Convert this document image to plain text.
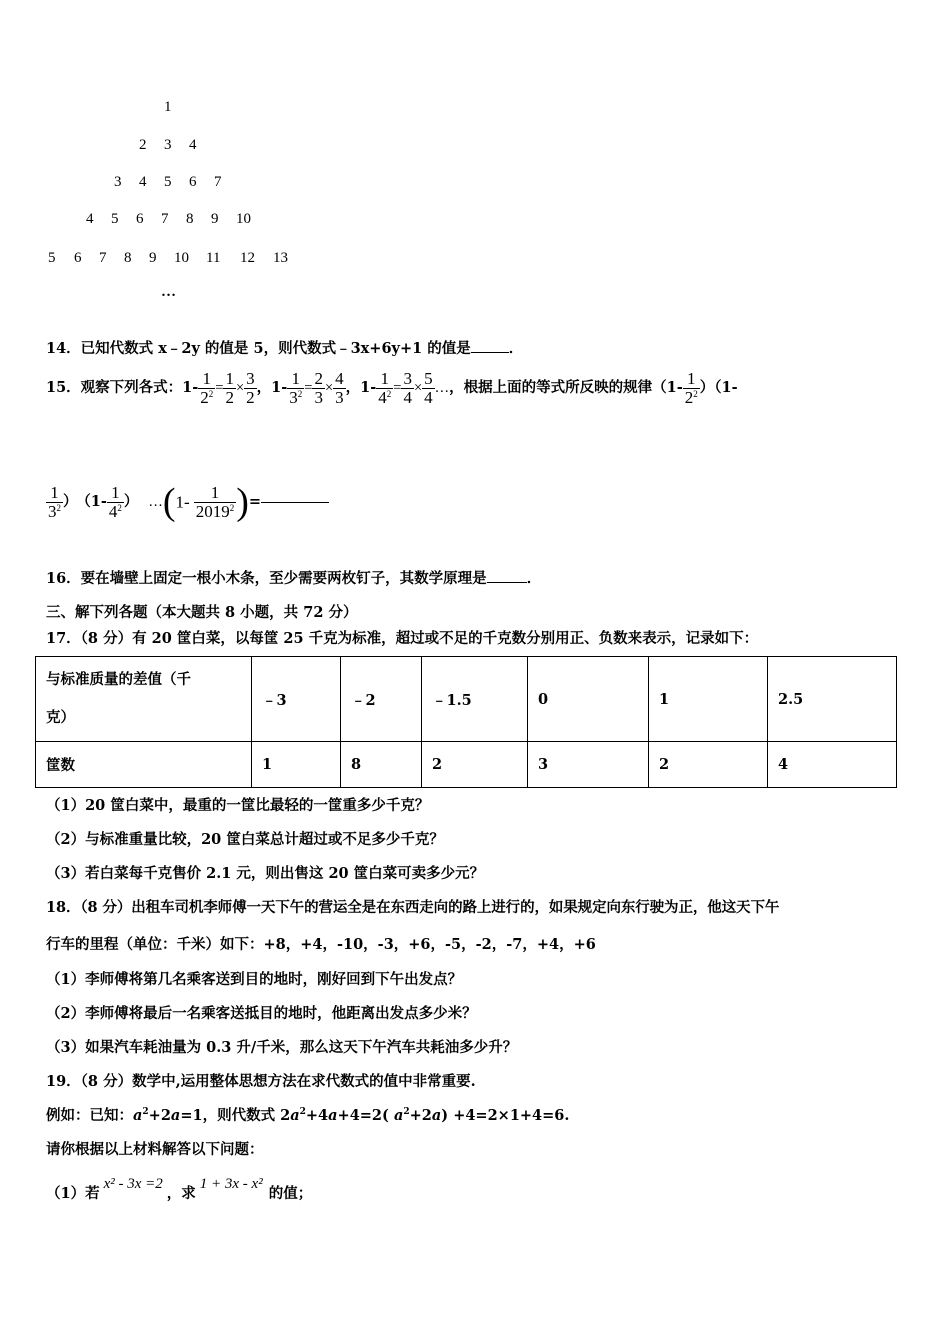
1
2 3 4
3 4 5 6 7
4 5 6 7 8 9 10
5 6 7 8 9 10 11 12 13
…
14．已知代数式 x﹣2y 的值是 5，则代数式﹣3x+6y+1 的值是	．
15．观察下列各式：$1- \frac{1}{2^2} = \frac{1}{2} \times \frac{3}{2}$ ，$1- \frac{1}{3^2} = \frac{2}{3} \times \frac{4}{3}$ ，$1- \frac{1}{4^2} = \frac{3}{4} \times \frac{5}{4}$ …，根据上面的等式所反映的规律$(1- \frac{1}{2^2} )(1-$
$\frac{1}{3^2}$ ） （$1- \frac{1}{4^2}$ ） …(1- $\frac{1}{2019^2}$ )=
16．要在墙壁上固定一根小木条，至少需要两枚钉子，其数学原理是	．
三、解下列各题（本大题共 8 小题，共 72 分）
17．（8 分）有 20 筐白菜，以每筐 25 千克为标准，超过或不足的千克数分别用正、负数来表示，记录如下：
与标准质量的差值（千
克）	﹣3	﹣2	﹣1.5	0	1	2.5
筐数	1	8	2	3	2	4
（1）20 筐白菜中，最重的一筐比最轻的一筐重多少千克？
（2）与标准重量比较，20 筐白菜总计超过或不足多少千克？
（3）若白菜每千克售价 2.1 元，则出售这 20 筐白菜可卖多少元？
18．（8 分）出租车司机李师傅一天下午的营运全是在东西走向的路上进行的，如果规定向东行驶为正，他这天下午
行车的里程（单位：千米）如下：+8，+4，-10，-3，+6，-5，-2，-7，+4，+6
（1）李师傅将第几名乘客送到目的地时，刚好回到下午出发点？
（2）李师傅将最后一名乘客送抵目的地时，他距离出发点多少米？
（3）如果汽车耗油量为 0.3 升/千米，那么这天下午汽车共耗油多少升？
19．（8 分）数学中,运用整体思想方法在求代数式的值中非常重要.
例如：已知：$a^2+2a=1$，则代数式 $2a^2+4a+4=2$( $a^2+2a) +4=2\times 1+4=6$.
请你根据以上材料解答以下问题：
（1）若x² - 3x =2，求1 + 3x - x²的值；
